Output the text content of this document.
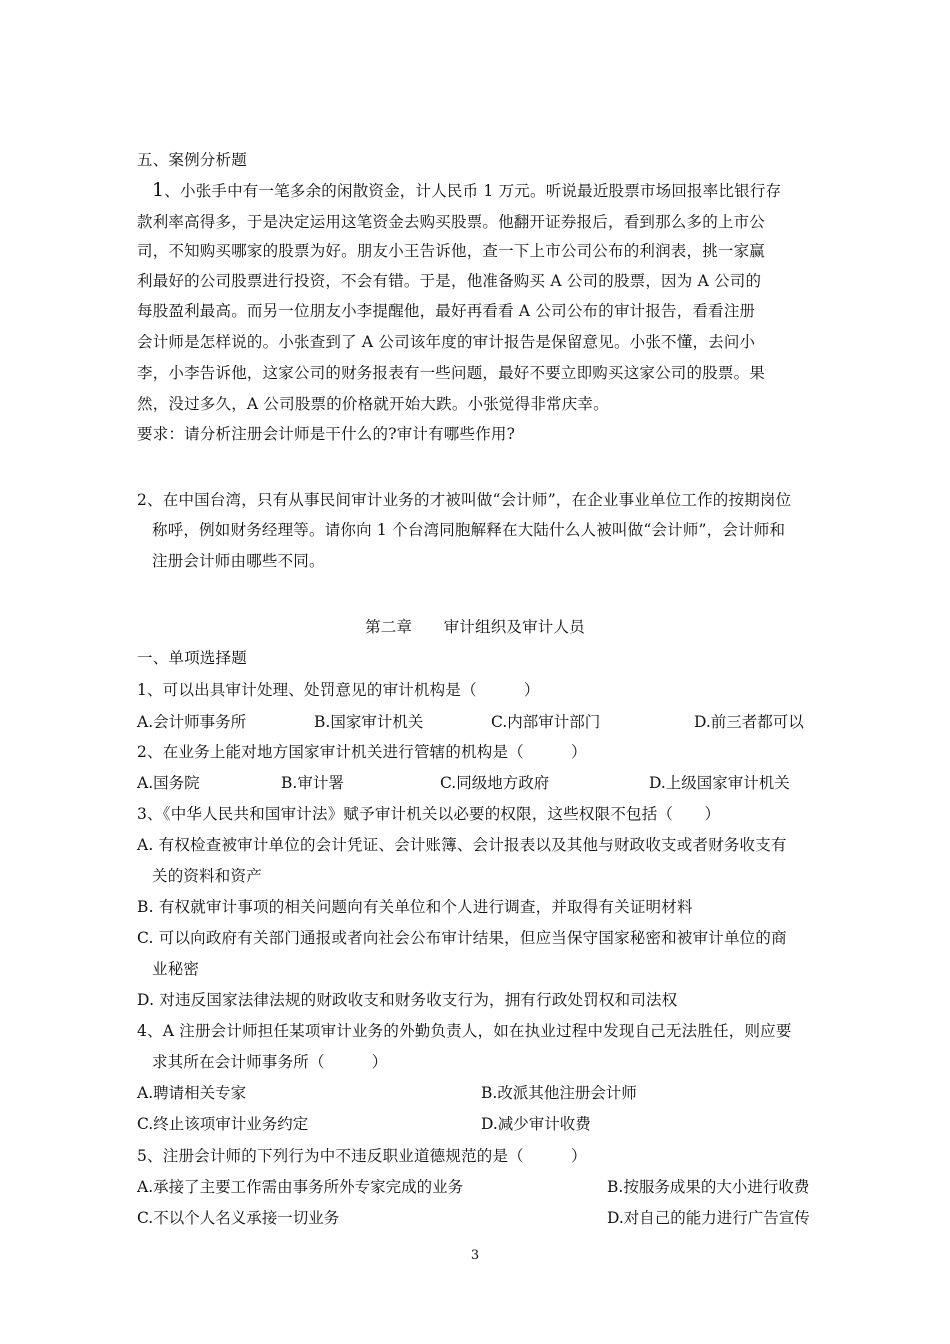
五、案例分析题
1、小张手中有一笔多余的闲散资金，计人民币 1 万元。听说最近股票市场回报率比银行存
款利率高得多，于是决定运用这笔资金去购买股票。他翻开证券报后，看到那么多的上市公
司，不知购买哪家的股票为好。朋友小王告诉他，查一下上市公司公布的利润表，挑一家赢
利最好的公司股票进行投资，不会有错。于是，他准备购买 A 公司的股票，因为 A 公司的
每股盈利最高。而另一位朋友小李提醒他，最好再看看 A 公司公布的审计报告，看看注册
会计师是怎样说的。小张查到了 A 公司该年度的审计报告是保留意见。小张不懂，去问小
李，小李告诉他，这家公司的财务报表有一些问题，最好不要立即购买这家公司的股票。果
然，没过多久，A 公司股票的价格就开始大跌。小张觉得非常庆幸。
要求：请分析注册会计师是干什么的?审计有哪些作用?
2、在中国台湾，只有从事民间审计业务的才被叫做“会计师”，在企业事业单位工作的按期岗位
称呼，例如财务经理等。请你向 1 个台湾同胞解释在大陆什么人被叫做“会计师”，会计师和
注册会计师由哪些不同。
第二章　　审计组织及审计人员
一、单项选择题
1、可以出具审计处理、处罚意见的审计机构是（　　　）
A.会计师事务所	B.国家审计机关	C.内部审计部门	D.前三者都可以
2、在业务上能对地方国家审计机关进行管辖的机构是（　　　）
A.国务院	B.审计署	C.同级地方政府	D.上级国家审计机关
3、《中华人民共和国审计法》赋予审计机关以必要的权限，这些权限不包括（　　）
A. 有权检查被审计单位的会计凭证、会计账簿、会计报表以及其他与财政收支或者财务收支有
关的资料和资产
B. 有权就审计事项的相关问题向有关单位和个人进行调查，并取得有关证明材料
C. 可以向政府有关部门通报或者向社会公布审计结果，但应当保守国家秘密和被审计单位的商
业秘密
D. 对违反国家法律法规的财政收支和财务收支行为，拥有行政处罚权和司法权
4、A 注册会计师担任某项审计业务的外勤负责人，如在执业过程中发现自己无法胜任，则应要
求其所在会计师事务所（　　　）
A.聘请相关专家	B.改派其他注册会计师
C.终止该项审计业务约定	D.减少审计收费
5、注册会计师的下列行为中不违反职业道德规范的是（　　　）
A.承接了主要工作需由事务所外专家完成的业务	B.按服务成果的大小进行收费
C.不以个人名义承接一切业务	D.对自己的能力进行广告宣传
3
